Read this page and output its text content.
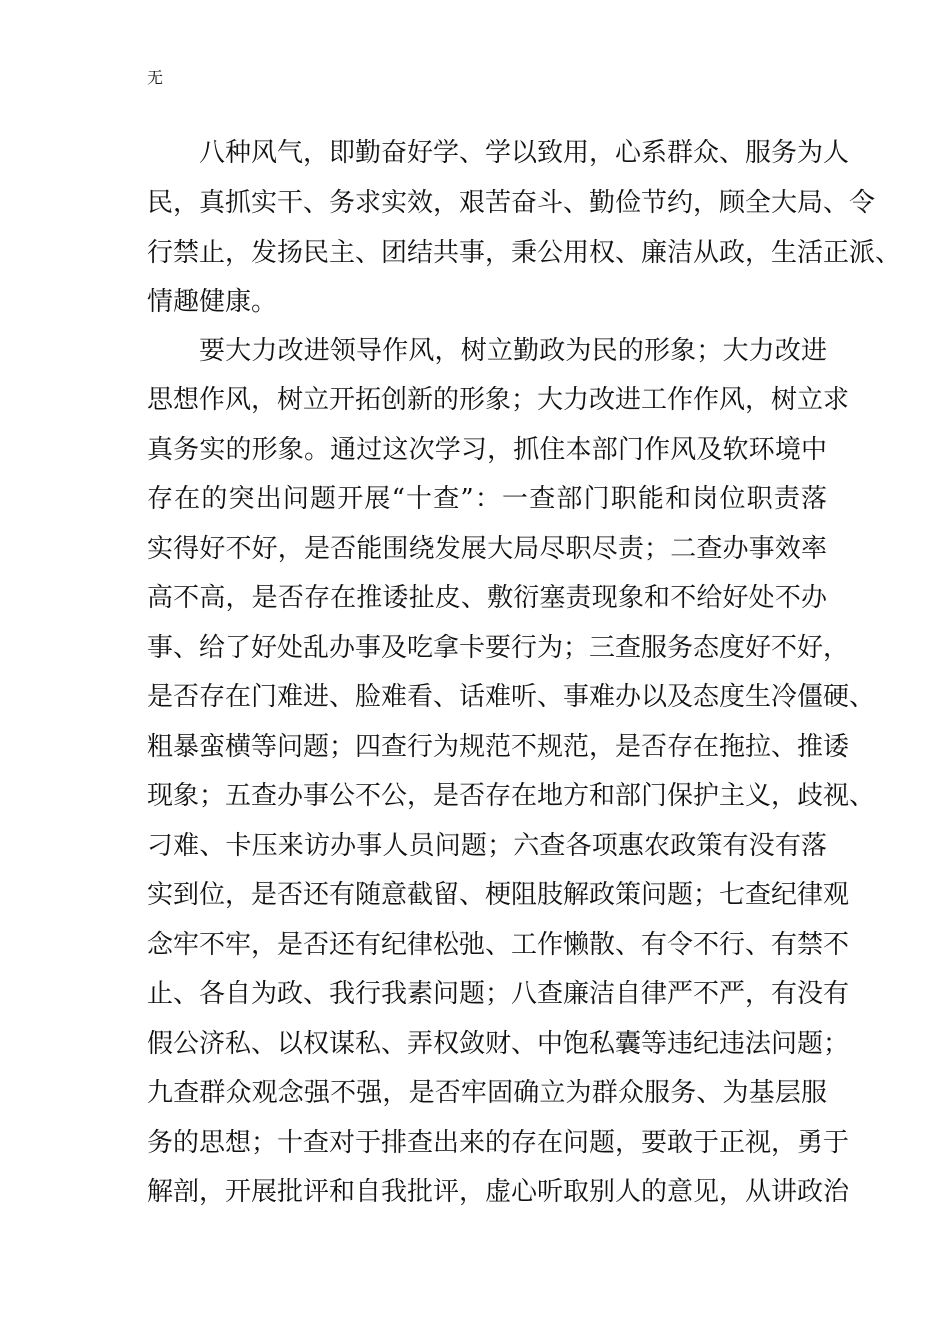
无
八种风气，即勤奋好学、学以致用，心系群众、服务为人
民，真抓实干、务求实效，艰苦奋斗、勤俭节约，顾全大局、令
行禁止，发扬民主、团结共事，秉公用权、廉洁从政，生活正派、
情趣健康。
要大力改进领导作风，树立勤政为民的形象；大力改进
思想作风，树立开拓创新的形象；大力改进工作作风，树立求
真务实的形象。通过这次学习，抓住本部门作风及软环境中
存在的突出问题开展“十查”：一查部门职能和岗位职责落
实得好不好，是否能围绕发展大局尽职尽责；二查办事效率
高不高，是否存在推诿扯皮、敷衍塞责现象和不给好处不办
事、给了好处乱办事及吃拿卡要行为；三查服务态度好不好，
是否存在门难进、脸难看、话难听、事难办以及态度生冷僵硬、
粗暴蛮横等问题；四查行为规范不规范，是否存在拖拉、推诿
现象；五查办事公不公，是否存在地方和部门保护主义，歧视、
刁难、卡压来访办事人员问题；六查各项惠农政策有没有落
实到位，是否还有随意截留、梗阻肢解政策问题；七查纪律观
念牢不牢，是否还有纪律松弛、工作懒散、有令不行、有禁不
止、各自为政、我行我素问题；八查廉洁自律严不严，有没有
假公济私、以权谋私、弄权敛财、中饱私囊等违纪违法问题；
九查群众观念强不强，是否牢固确立为群众服务、为基层服
务的思想；十查对于排查出来的存在问题，要敢于正视，勇于
解剖，开展批评和自我批评，虚心听取别人的意见，从讲政治
